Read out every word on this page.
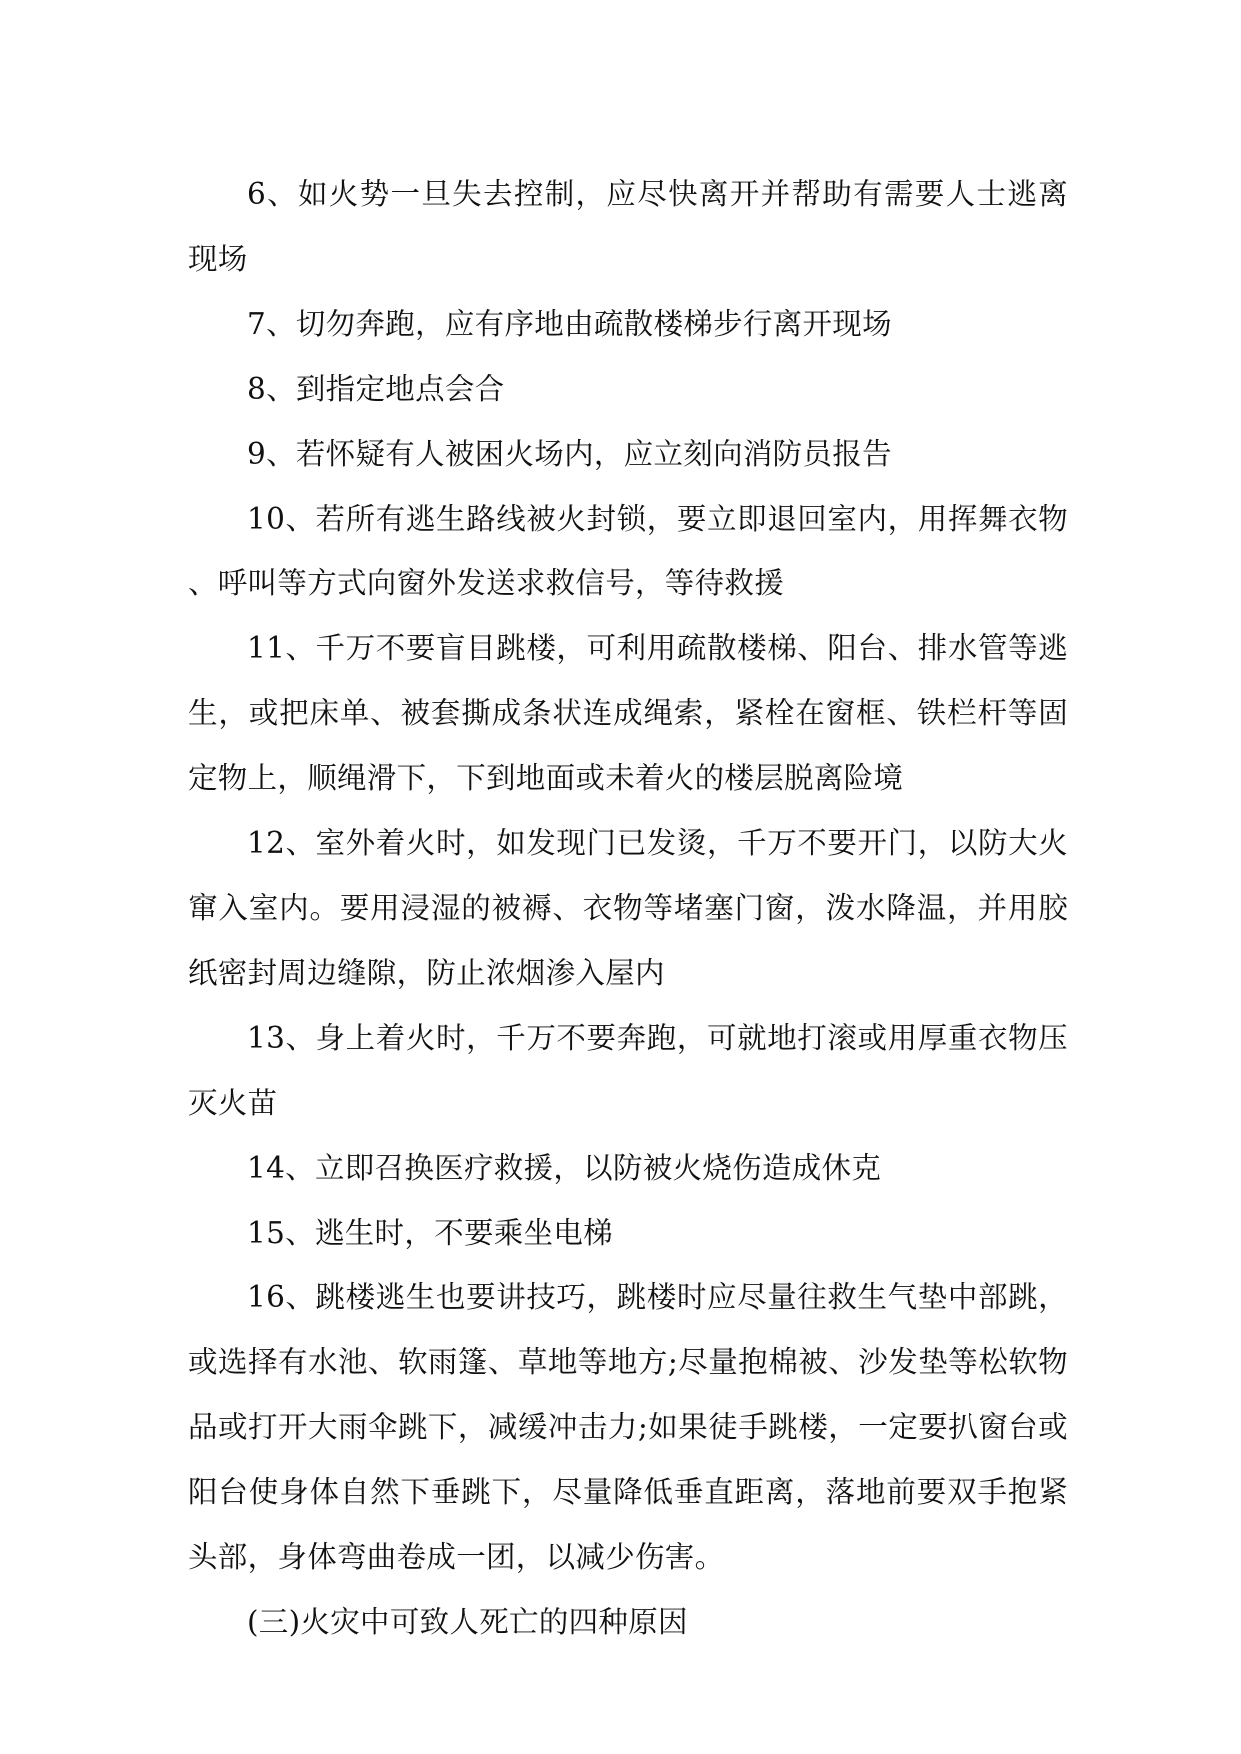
6、如火势一旦失去控制，应尽快离开并帮助有需要人士逃离现场

7、切勿奔跑，应有序地由疏散楼梯步行离开现场

8、到指定地点会合

9、若怀疑有人被困火场内，应立刻向消防员报告

10、若所有逃生路线被火封锁，要立即退回室内，用挥舞衣物、呼叫等方式向窗外发送求救信号，等待救援

11、千万不要盲目跳楼，可利用疏散楼梯、阳台、排水管等逃生，或把床单、被套撕成条状连成绳索，紧栓在窗框、铁栏杆等固定物上，顺绳滑下，下到地面或未着火的楼层脱离险境

12、室外着火时，如发现门已发烫，千万不要开门，以防大火窜入室内。要用浸湿的被褥、衣物等堵塞门窗，泼水降温，并用胶纸密封周边缝隙，防止浓烟渗入屋内

13、身上着火时，千万不要奔跑，可就地打滚或用厚重衣物压灭火苗

14、立即召换医疗救援，以防被火烧伤造成休克

15、逃生时，不要乘坐电梯

16、跳楼逃生也要讲技巧，跳楼时应尽量往救生气垫中部跳，或选择有水池、软雨篷、草地等地方;尽量抱棉被、沙发垫等松软物品或打开大雨伞跳下，减缓冲击力;如果徒手跳楼，一定要扒窗台或阳台使身体自然下垂跳下，尽量降低垂直距离，落地前要双手抱紧头部，身体弯曲卷成一团，以减少伤害。

(三)火灾中可致人死亡的四种原因
